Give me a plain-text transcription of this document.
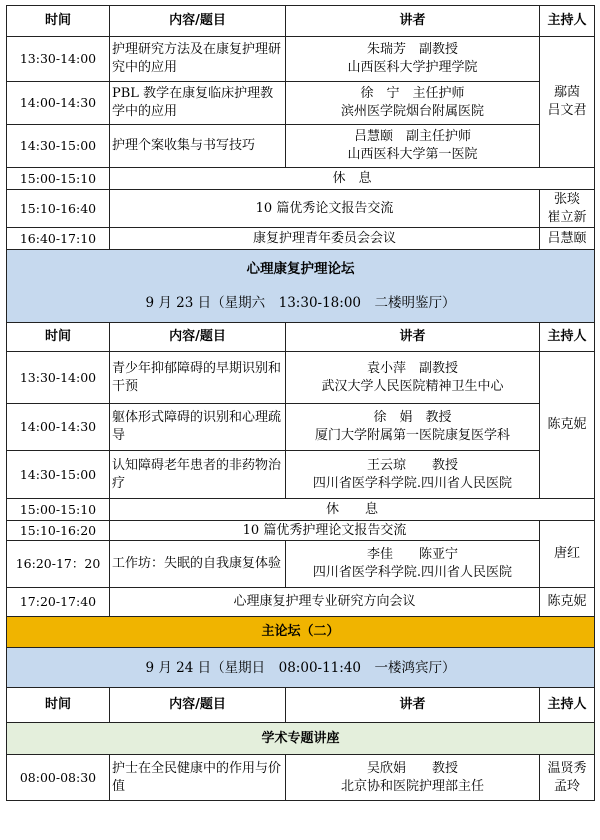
时间	内容/题目	讲者	主持人
13:30-14:00	护理研究方法及在康复护理研究中的应用	朱瑞芳　副教授
山西医科大学护理学院	鄢茵
吕文君

14:00-14:30	PBL 教学在康复临床护理教学中的应用	徐　宁　主任护师
滨州医学院烟台附属医院	

14:30-15:00	护理个案收集与书写技巧	吕慧颐　副主任护师
山西医科大学第一医院	

15:00-15:10	休　息		
15:10-16:40	10 篇优秀论文报告交流		张琰
崔立新

16:40-17:10	康复护理青年委员会会议		吕慧颐

心理康复护理论坛
9 月 23 日（星期六　13:30-18:00　二楼明鉴厅）			

时间	内容/题目	讲者	主持人
13:30-14:00	青少年抑郁障碍的早期识别和干预	袁小萍　副教授
武汉大学人民医院精神卫生中心	陈克妮
14:00-14:30	躯体形式障碍的识别和心理疏导	徐　娟　教授
厦门大学附属第一医院康复医学科	

14:30-15:00	认知障碍老年患者的非药物治疗	王云琼　　教授
四川省医学科学院.四川省人民医院	

15:00-15:10	休　　息		
15:10-16:20	10 篇优秀护理论文报告交流		唐红
16:20-17：20	工作坊：失眠的自我康复体验	李佳　　陈亚宁
四川省医学科学院.四川省人民医院	

17:20-17:40	心理康复护理专业研究方向会议		陈克妮
主论坛（二）			
9 月 24 日（星期日　08:00-11:40　一楼鸿宾厅）			
时间	内容/题目	讲者	主持人
学术专题讲座			
08:00-08:30	护士在全民健康中的作用与价值	吴欣娟　　教授
北京协和医院护理部主任	温贤秀
孟玲
